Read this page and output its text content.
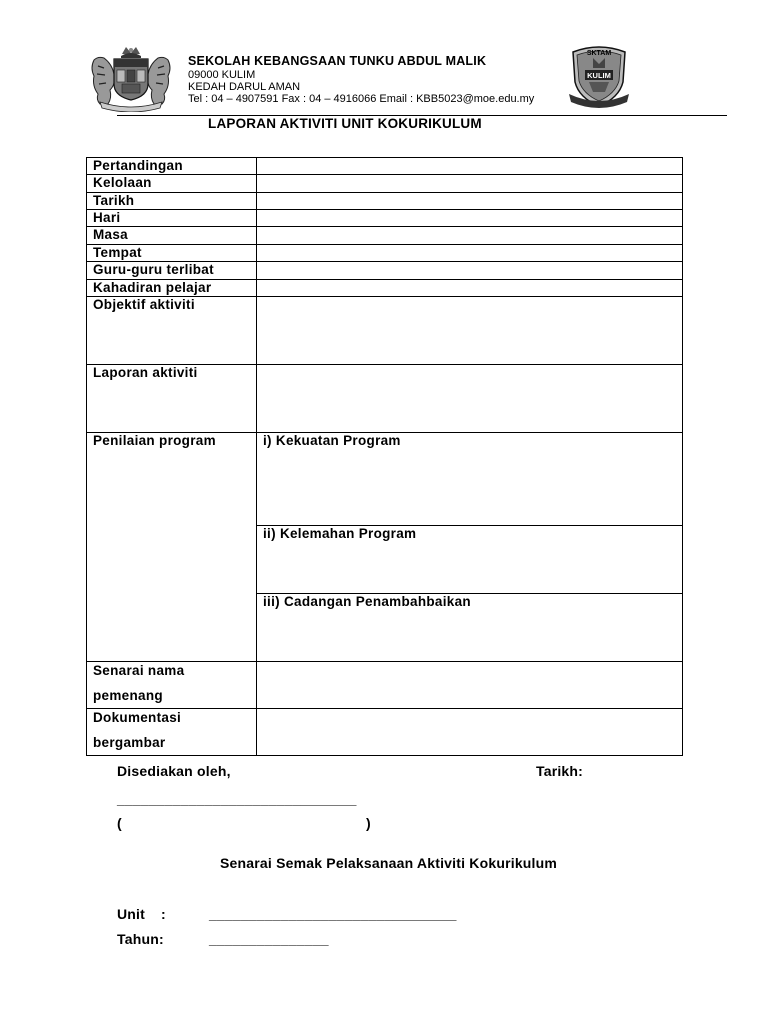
SEKOLAH KEBANGSAAN TUNKU ABDUL MALIK
09000 KULIM
KEDAH DARUL AMAN
Tel : 04 – 4907591 Fax : 04 – 4916066 Email : KBB5023@moe.edu.my
SKTAM
KULIM
LAPORAN AKTIVITI UNIT KOKURIKULUM
Pertandingan	
Kelolaan	
Tarikh	
Hari	
Masa	
Tempat	
Guru-guru terlibat	
Kahadiran pelajar	
Objektif aktiviti	
Laporan aktiviti	
Penilaian program	i) Kekuatan Program
	ii) Kelemahan Program
	iii) Cadangan Penambahbaikan

Senarai nama pemenang	

Dokumentasi bergambar	

Disediakan oleh,	Tarikh:
______________________________
(	)
Senarai Semak Pelaksanaan Aktiviti Kokurikulum
Unit :	_______________________________
Tahun:	_______________
